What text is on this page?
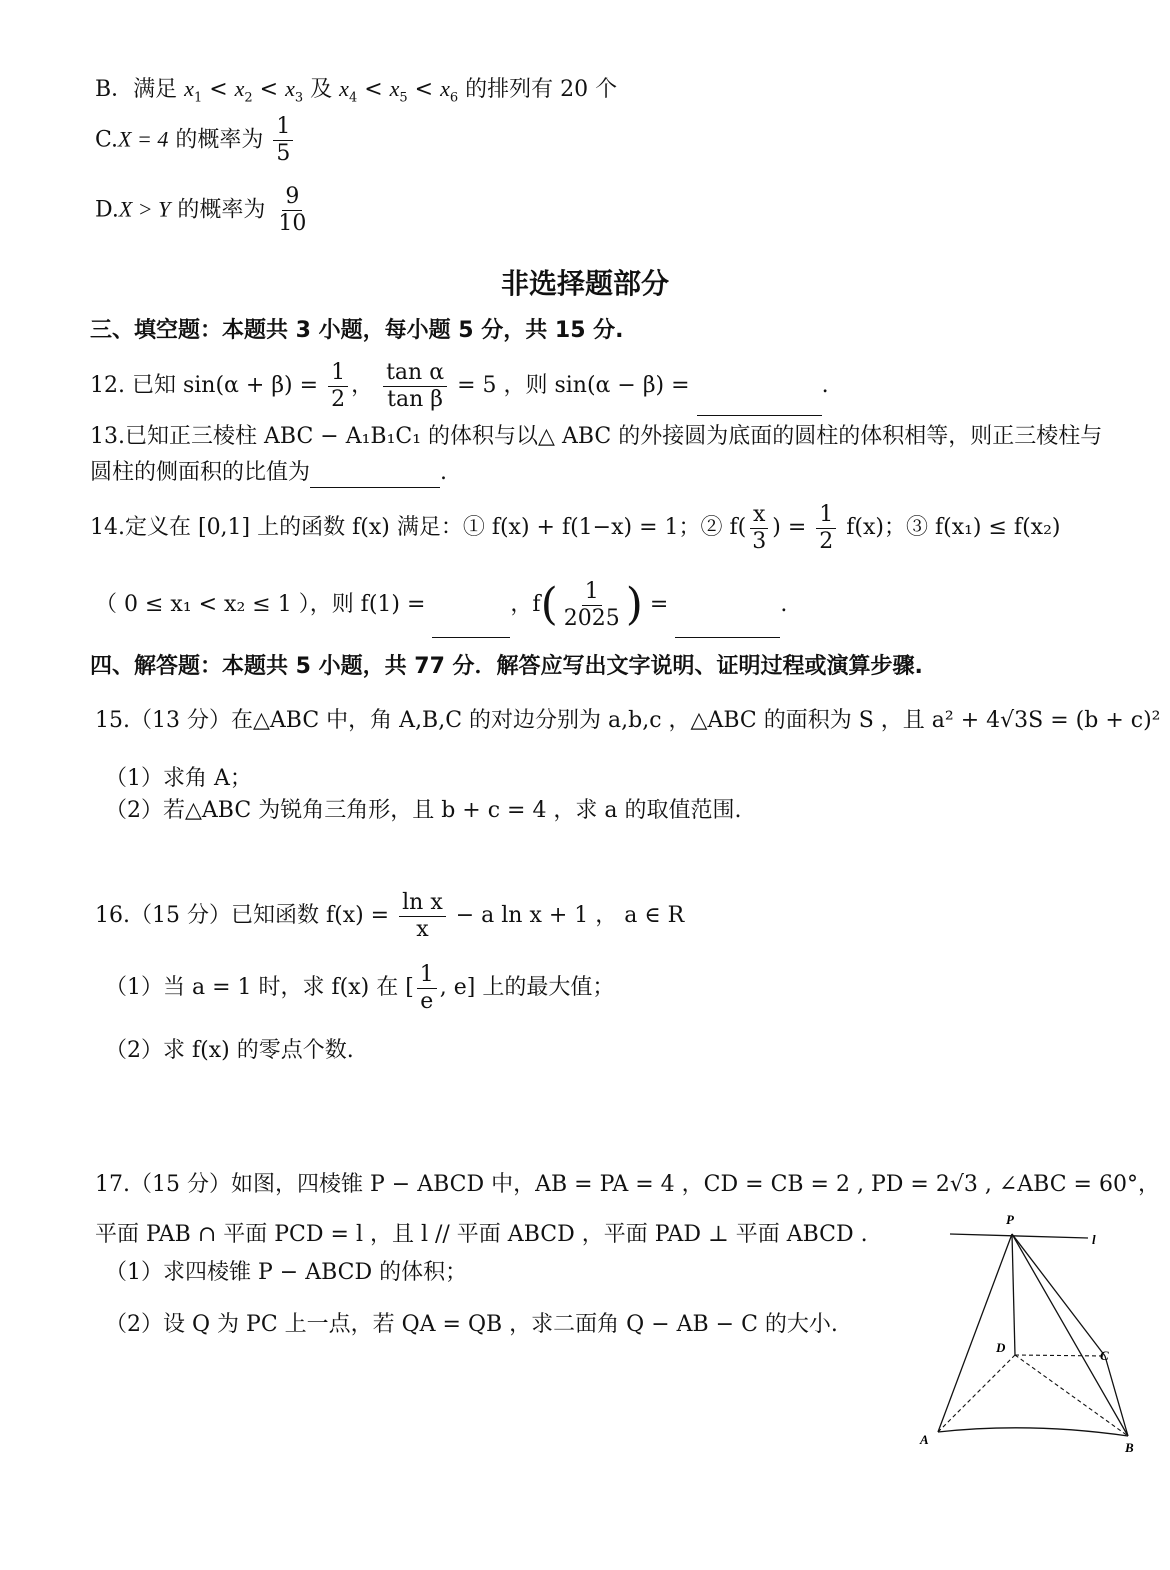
B．满足 $x_1 < x_2 < x_3$ 及 $x_4 < x_5 < x_6$ 的排列有 20 个
C.X = 4 的概率为 $\frac{1}{5}$
D.X > Y 的概率为 $\frac{9}{10}$
非选择题部分
三、填空题：本题共 3 小题，每小题 5 分，共 15 分.
12. 已知 $\sin(\alpha + \beta) = \frac{1}{2}$ ， $\frac{\text{tan α}}{\text{tan β}} = 5$ ，则 sin(α − β) =	.
13.已知正三棱柱 ABC − A₁B₁C₁ 的体积与以△ ABC 的外接圆为底面的圆柱的体积相等，则正三棱柱与
圆柱的侧面积的比值为	.
14.定义在 [0,1] 上的函数 f(x) 满足：① f(x) + f(1−x) = 1；② $f( \frac{x}{3}$ ) = $\frac{1}{2} f(x)$；③ f(x₁) ≤ f(x₂)
（ 0 ≤ x₁ < x₂ ≤ 1 ），则 f(1) =	，$f( \frac{1}{2025}$ ) =	.
四、解答题：本题共 5 小题，共 77 分．解答应写出文字说明、证明过程或演算步骤.
15.（13 分）在△ABC 中，角 A,B,C 的对边分别为 a,b,c ，△ABC 的面积为 S ，且 a² + 4√3S = (b + c)²
（1）求角 A；
（2）若△ABC 为锐角三角形，且 b + c = 4 ，求 a 的取值范围.
16.（15 分）已知函数 $f(x) = \frac{\text{ln x}}{x} - a$ ln x + 1 ， a ∈ R
（1）当 a = 1 时，求 f(x) 在 [ $\frac{1}{e}$ , e] 上的最大值；
（2）求 f(x) 的零点个数.
17.（15 分）如图，四棱锥 P − ABCD 中，AB = PA = 4 ，CD = CB = 2 , PD = 2√3 , ∠ABC = 60°，
平面 PAB ∩ 平面 PCD = l ，且 l // 平面 ABCD ，平面 PAD ⊥ 平面 ABCD .
（1）求四棱锥 P − ABCD 的体积；
（2）设 Q 为 PC 上一点，若 QA = QB ，求二面角 Q − AB − C 的大小.
P
l
A
B
C
D
